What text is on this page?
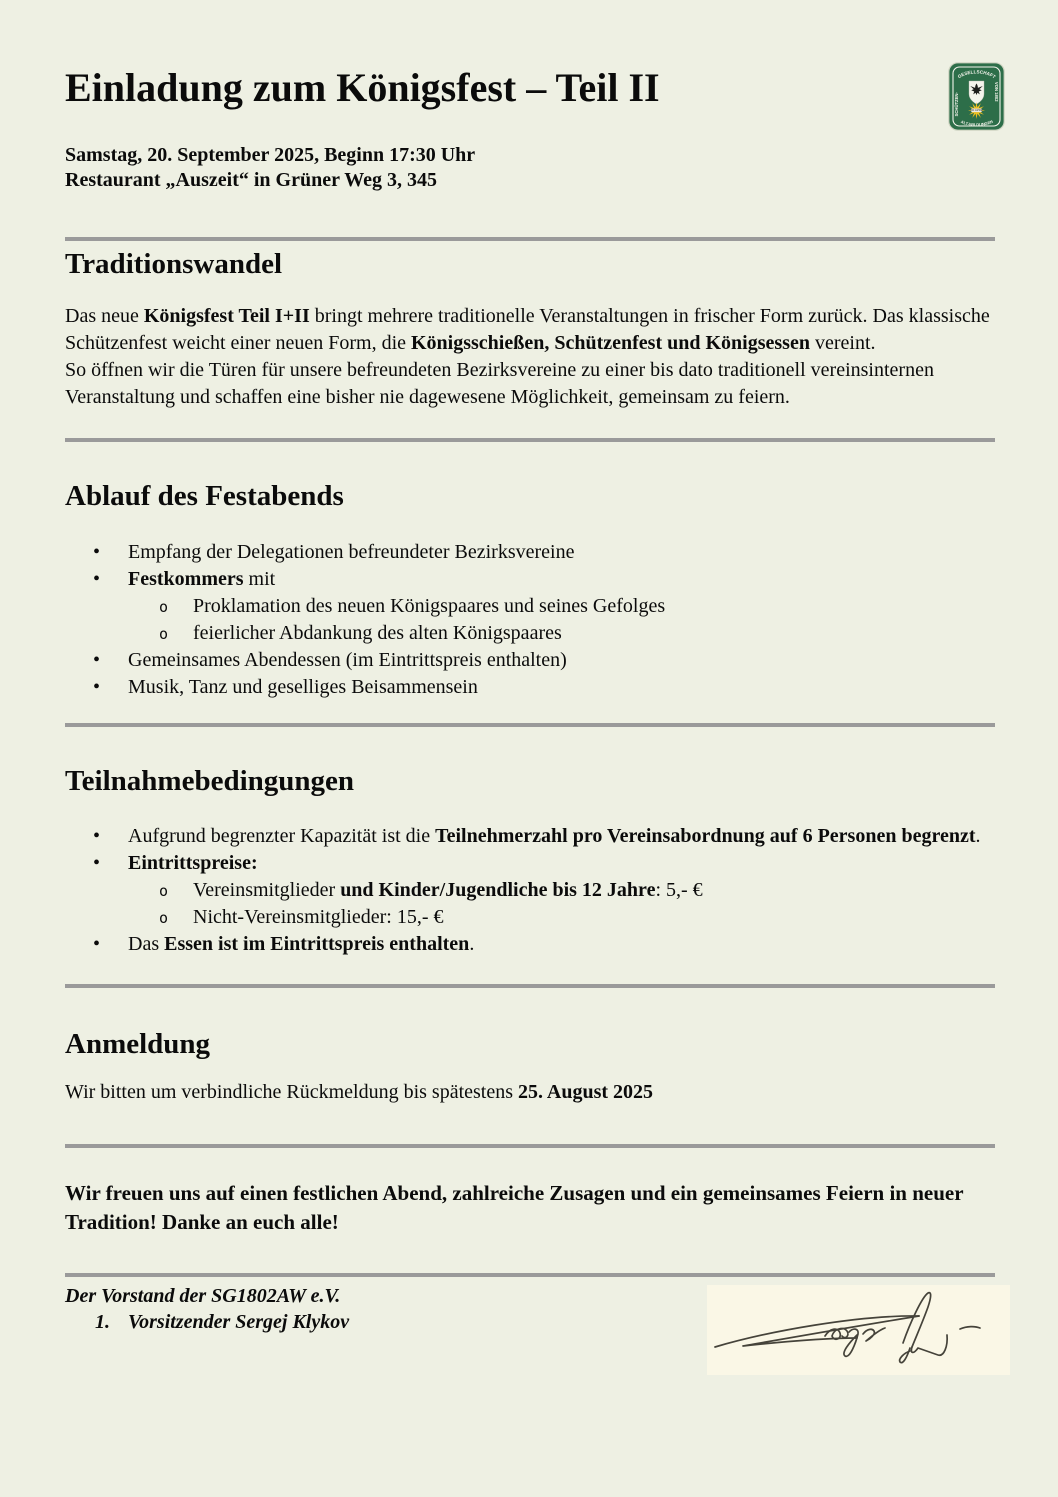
Einladung zum Königsfest – Teil II	GESELLSCHAFT
SCHÜTZEN-
VON 1802
ALT-WILDUNGEN
200 JAHRE
Samstag, 20. September 2025, Beginn 17:30 Uhr
Restaurant „Auszeit“ in Grüner Weg 3, 345
Traditionswandel
Das neue Königsfest Teil I+II bringt mehrere traditionelle Veranstaltungen in frischer Form zurück. Das klassische Schützenfest weicht einer neuen Form, die Königsschießen, Schützenfest und Königsessen vereint.
So öffnen wir die Türen für unsere befreundeten Bezirksvereine zu einer bis dato traditionell vereinsinternen Veranstaltung und schaffen eine bisher nie dagewesene Möglichkeit, gemeinsam zu feiern.
Ablauf des Festabends
• Empfang der Delegationen befreundeter Bezirksvereine
• Festkommers mit
o Proklamation des neuen Königspaares und seines Gefolges
o feierlicher Abdankung des alten Königspaares
• Gemeinsames Abendessen (im Eintrittspreis enthalten)
• Musik, Tanz und geselliges Beisammensein
Teilnahmebedingungen
• Aufgrund begrenzter Kapazität ist die Teilnehmerzahl pro Vereinsabordnung auf 6 Personen begrenzt.
• Eintrittspreise:
o Vereinsmitglieder und Kinder/Jugendliche bis 12 Jahre: 5,- €
o Nicht-Vereinsmitglieder: 15,- €
• Das Essen ist im Eintrittspreis enthalten.
Anmeldung
Wir bitten um verbindliche Rückmeldung bis spätestens 25. August 2025
Wir freuen uns auf einen festlichen Abend, zahlreiche Zusagen und ein gemeinsames Feiern in neuer Tradition! Danke an euch alle!
Der Vorstand der SG1802AW e.V.
1. Vorsitzender Sergej Klykov
